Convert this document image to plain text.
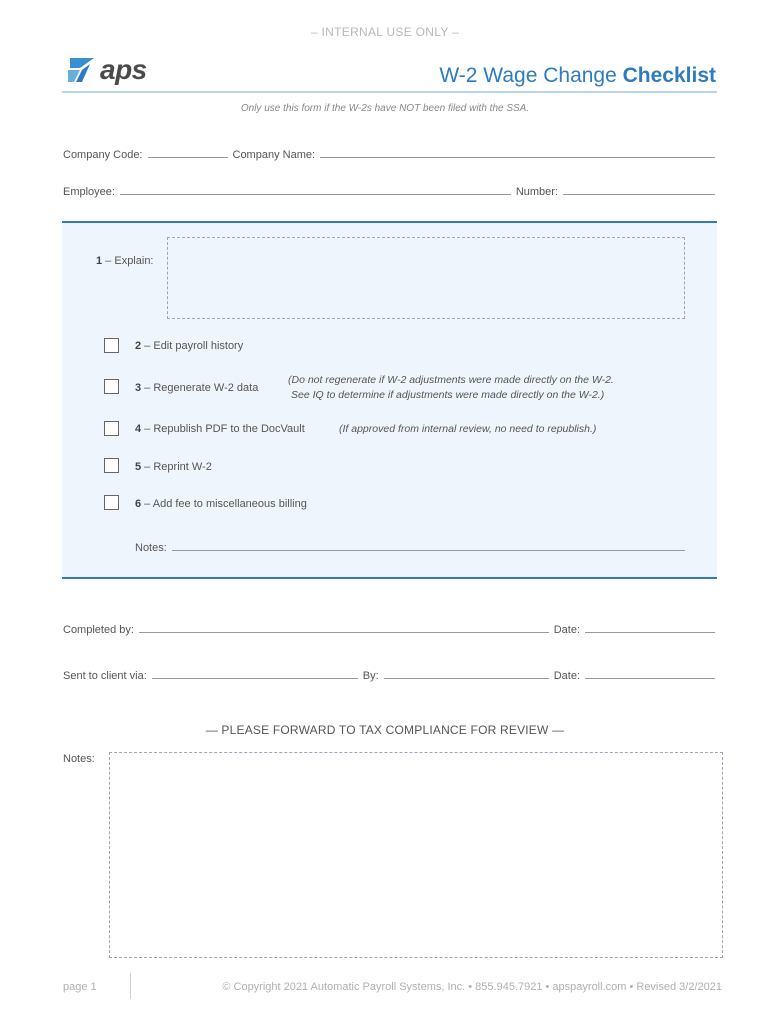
– INTERNAL USE ONLY –
aps	W-2 Wage Change Checklist
Only use this form if the W-2s have NOT been filed with the SSA.
Company Code:	Company Name:
Employee:	Number:
1 – Explain:
2 – Edit payroll history
3 – Regenerate W-2 data
(Do not regenerate if W-2 adjustments were made directly on the W-2.
See IQ to determine if adjustments were made directly on the W-2.)
4 – Republish PDF to the DocVault	(If approved from internal review, no need to republish.)
5 – Reprint W-2
6 – Add fee to miscellaneous billing
Notes:
Completed by:	Date:
Sent to client via:	By:	Date:
— PLEASE FORWARD TO TAX COMPLIANCE FOR REVIEW —
Notes:
page 1	© Copyright 2021 Automatic Payroll Systems, Inc. • 855.945.7921 • apspayroll.com • Revised 3/2/2021
